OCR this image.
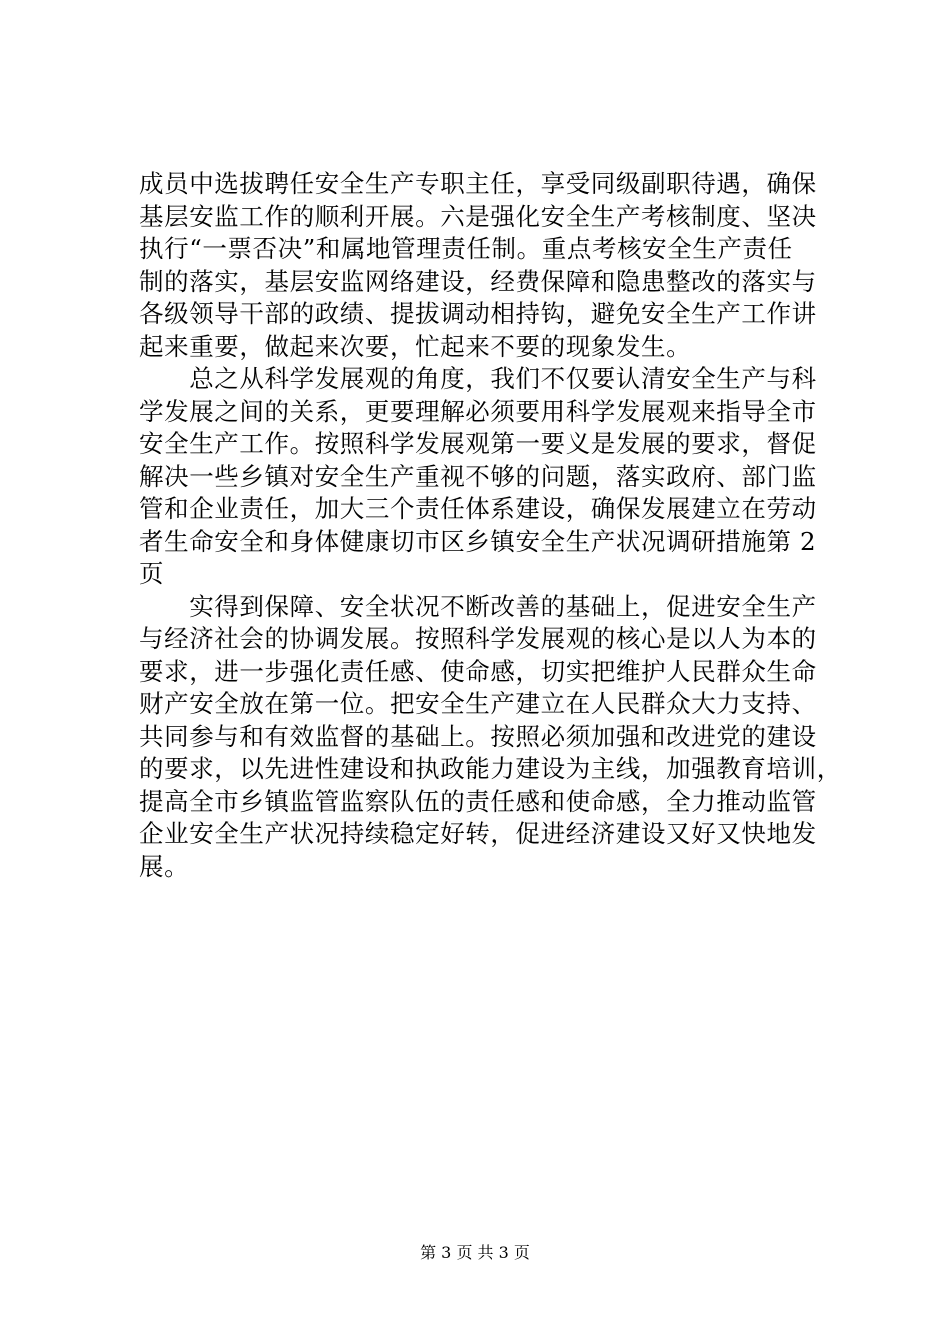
成员中选拔聘任安全生产专职主任，享受同级副职待遇，确保
基层安监工作的顺利开展。六是强化安全生产考核制度、坚决
执行“一票否决”和属地管理责任制。重点考核安全生产责任
制的落实，基层安监网络建设，经费保障和隐患整改的落实与
各级领导干部的政绩、提拔调动相持钩，避免安全生产工作讲
起来重要，做起来次要，忙起来不要的现象发生。
　　总之从科学发展观的角度，我们不仅要认清安全生产与科
学发展之间的关系，更要理解必须要用科学发展观来指导全市
安全生产工作。按照科学发展观第一要义是发展的要求，督促
解决一些乡镇对安全生产重视不够的问题，落实政府、部门监
管和企业责任，加大三个责任体系建设，确保发展建立在劳动
者生命安全和身体健康切市区乡镇安全生产状况调研措施第 2
页
　　实得到保障、安全状况不断改善的基础上，促进安全生产
与经济社会的协调发展。按照科学发展观的核心是以人为本的
要求，进一步强化责任感、使命感，切实把维护人民群众生命
财产安全放在第一位。把安全生产建立在人民群众大力支持、
共同参与和有效监督的基础上。按照必须加强和改进党的建设
的要求，以先进性建设和执政能力建设为主线，加强教育培训，
提高全市乡镇监管监察队伍的责任感和使命感，全力推动监管
企业安全生产状况持续稳定好转，促进经济建设又好又快地发
展。
第 3 页 共 3 页
